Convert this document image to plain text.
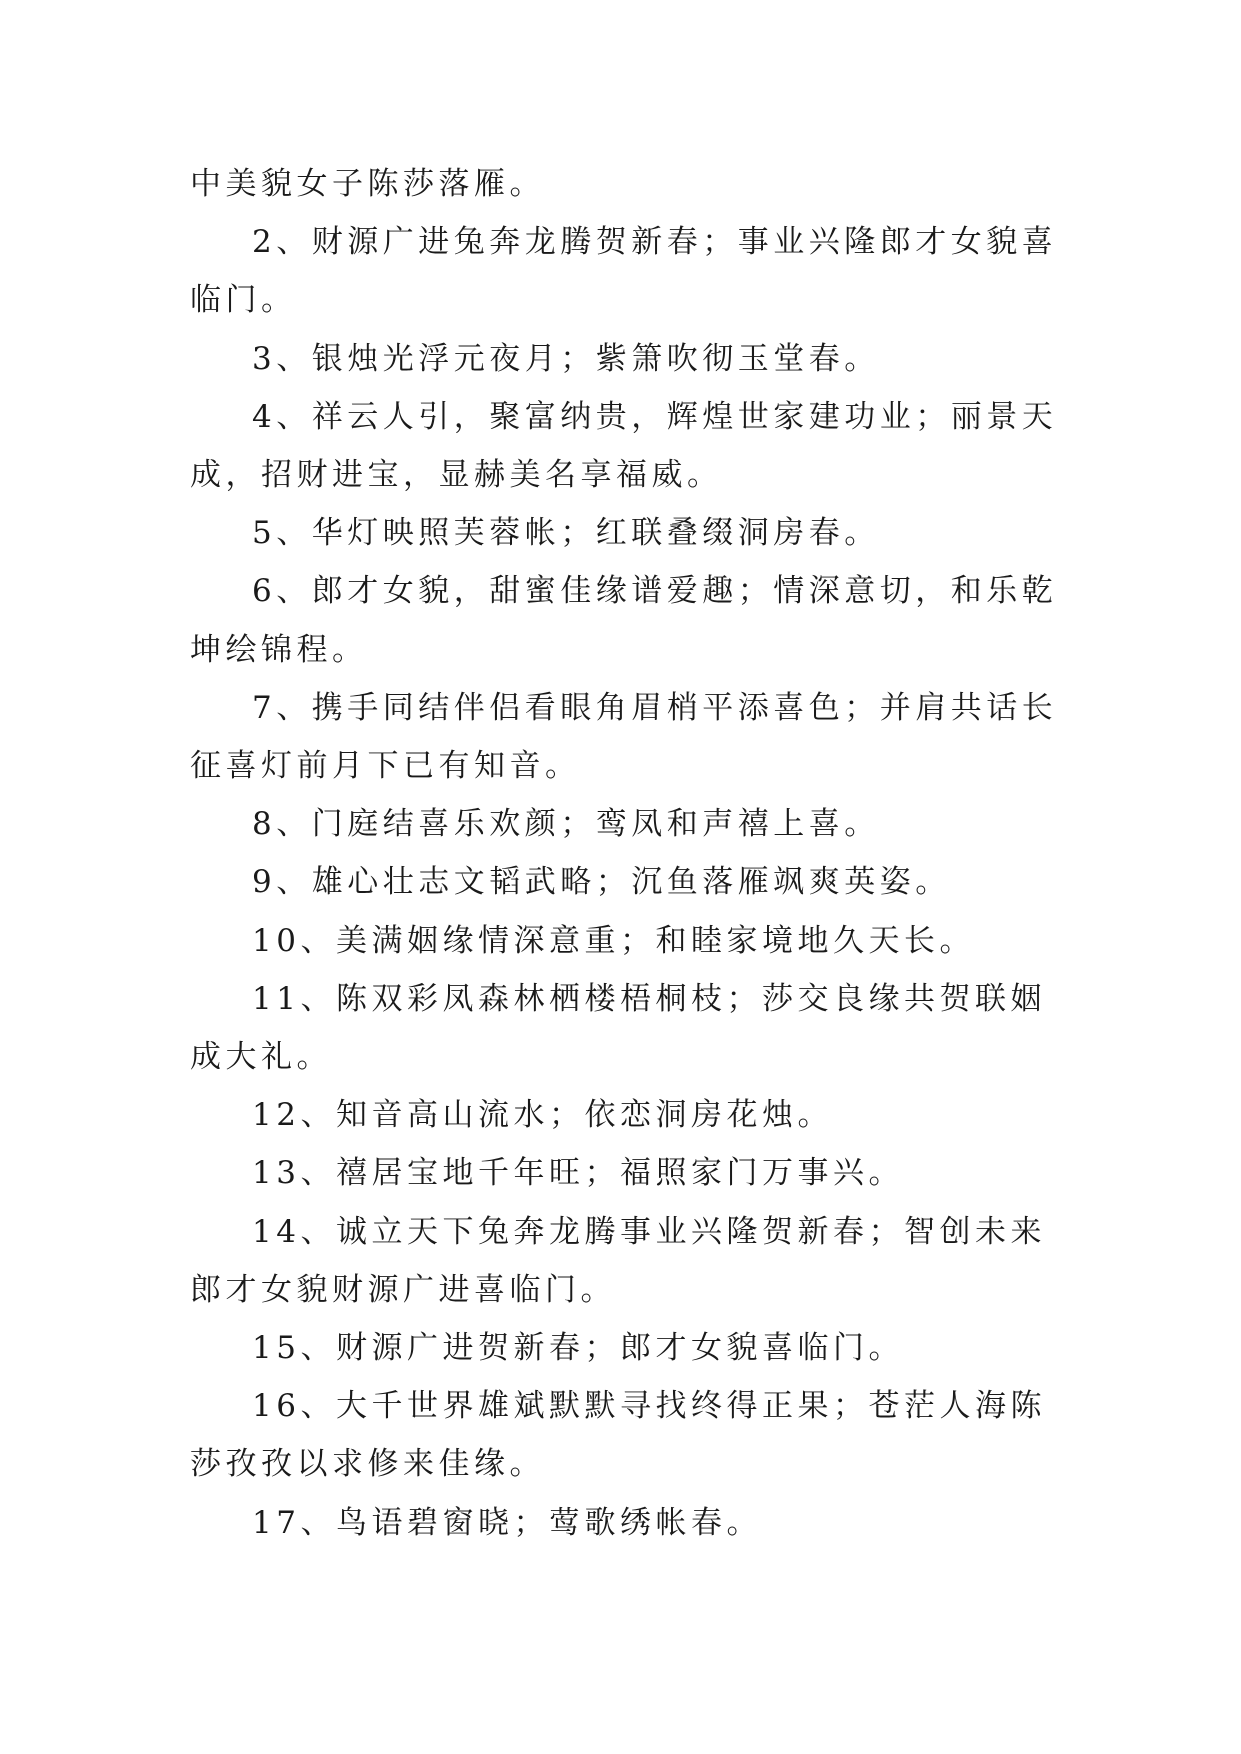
中美貌女子陈莎落雁。

2、财源广进兔奔龙腾贺新春；事业兴隆郎才女貌喜临门。

3、银烛光浮元夜月；紫箫吹彻玉堂春。

4、祥云人引，聚富纳贵，辉煌世家建功业；丽景天成，招财进宝，显赫美名享福威。

5、华灯映照芙蓉帐；红联叠缀洞房春。

6、郎才女貌，甜蜜佳缘谱爱趣；情深意切，和乐乾坤绘锦程。

7、携手同结伴侣看眼角眉梢平添喜色；并肩共话长征喜灯前月下已有知音。

8、门庭结喜乐欢颜；鸾凤和声禧上喜。

9、雄心壮志文韬武略；沉鱼落雁飒爽英姿。

10、美满姻缘情深意重；和睦家境地久天长。

11、陈双彩凤森林栖楼梧桐枝；莎交良缘共贺联姻成大礼。

12、知音高山流水；依恋洞房花烛。

13、禧居宝地千年旺；福照家门万事兴。

14、诚立天下兔奔龙腾事业兴隆贺新春；智创未来郎才女貌财源广进喜临门。

15、财源广进贺新春；郎才女貌喜临门。

16、大千世界雄斌默默寻找终得正果；苍茫人海陈莎孜孜以求修来佳缘。

17、鸟语碧窗晓；莺歌绣帐春。
